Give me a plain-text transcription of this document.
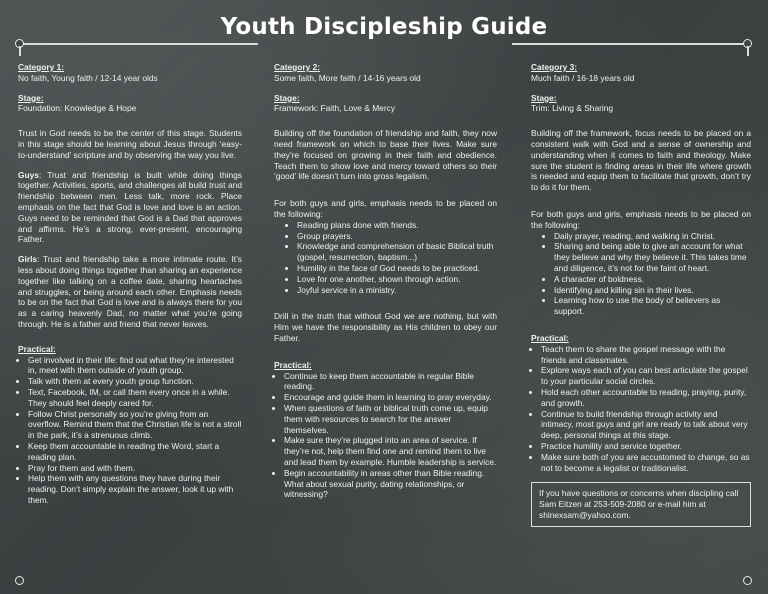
Youth Discipleship Guide
Category 1:
No faith, Young faith / 12-14 year olds
Stage:
Foundation: Knowledge & Hope

Trust in God needs to be the center of this stage. Students in this stage should be learning about Jesus through ‘easy-to-understand’ scripture and by observing the way you live.

Guys: Trust and friendship is built while doing things together. Activities, sports, and challenges all build trust and friendship between men. Less talk, more rock. Place emphasis on the fact that God is love and love is an action. Guys need to be reminded that God is a Dad that approves and affirms. He’s a strong, ever-present, encouraging Father.

Girls: Trust and friendship take a more intimate route. It’s less about doing things together than sharing an experience together like talking on a coffee date, sharing heartaches and struggles, or being around each other. Emphasis needs to be on the fact that God is love and is always there for you as a caring heavenly Dad, no matter what you’re going through. He is a father and friend that never leaves.

Practical:
• Get involved in their life: find out what they’re interested in, meet with them outside of youth group.
• Talk with them at every youth group function.
• Text, Facebook, IM, or call them every once in a while. They should feel deeply cared for.
• Follow Christ personally so you’re giving from an overflow. Remind them that the Christian life is not a stroll in the park, it’s a strenuous climb.
• Keep them accountable in reading the Word, start a reading plan.
• Pray for them and with them.
• Help them with any questions they have during their reading. Don’t simply explain the answer, look it up with them.
Category 2:
Some faith, More faith / 14-16 years old
Stage:
Framework: Faith, Love & Mercy

Building off the foundation of friendship and faith, they now need framework on which to base their lives. Make sure they’re focused on growing in their faith and obedience. Teach them to show love and mercy toward others so their ‘good’ life doesn’t turn into gross legalism.

For both guys and girls, emphasis needs to be placed on the following:

• Reading plans done with friends.
• Group prayers.
• Knowledge and comprehension of basic Biblical truth (gospel, resurrection, baptism...)
• Humility in the face of God needs to be practiced.
• Love for one another, shown through action.
• Joyful service in a ministry.

Drill in the truth that without God we are nothing, but with Him we have the responsibility as His children to obey our Father.

Practical:
• Continue to keep them accountable in regular Bible reading.
• Encourage and guide them in learning to pray everyday.
• When questions of faith or biblical truth come up, equip them with resources to search for the answer themselves.
• Make sure they’re plugged into an area of service. If they’re not, help them find one and remind them to live and lead them by example. Humble leadership is service.
• Begin accountability in areas other than Bible reading. What about sexual purity, dating relationships, or witnessing?
Category 3:
Much faith / 16-18 years old
Stage:
Trim: Living & Sharing

Building off the framework, focus needs to be placed on a consistent walk with God and a sense of ownership and understanding when it comes to faith and theology. Make sure the student is finding areas in their life where growth is needed and equip them to facilitate that growth, don’t try to do it for them.

For both guys and girls, emphasis needs to be placed on the following:

• Daily prayer, reading, and walking in Christ.
• Sharing and being able to give an account for what they believe and why they believe it. This takes time and diligence, it’s not for the faint of heart.
• A character of boldness.
• Identifying and killing sin in their lives.
• Learning how to use the body of believers as support.
Practical:
• Teach them to share the gospel message with the friends and classmates.
• Explore ways each of you can best articulate the gospel to your particular social circles.
• Hold each other accountable to reading, praying, purity, and growth.
• Continue to build friendship through activity and intimacy, most guys and girl are ready to talk about very deep, personal things at this stage.
• Practice humility and service together.
• Make sure both of you are accustomed to change, so as not to become a legalist or traditionalist.
If you have questions or concerns when discipling call Sam Eitzen at 253-509-2080 or e-mail him at shinexsam@yahoo.com.
